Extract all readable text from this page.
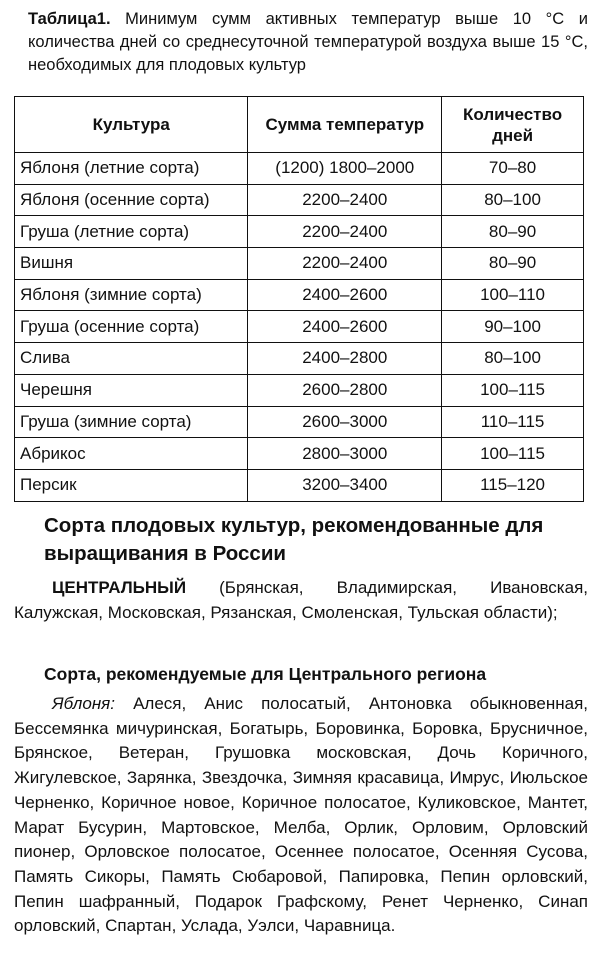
Таблица1. Минимум сумм активных температур выше 10 °С и количества дней со среднесуточной температурой воздуха выше 15 °С, необходимых для плодовых культур
Культура	Сумма температур	Количество дней
Яблоня (летние сорта)	(1200) 1800–2000	70–80
Яблоня (осенние сорта)	2200–2400	80–100
Груша (летние сорта)	2200–2400	80–90
Вишня	2200–2400	80–90
Яблоня (зимние сорта)	2400–2600	100–110
Груша (осенние сорта)	2400–2600	90–100
Слива	2400–2800	80–100
Черешня	2600–2800	100–115
Груша (зимние сорта)	2600–3000	110–115
Абрикос	2800–3000	100–115
Персик	3200–3400	115–120
Сорта плодовых культур, рекомендованные для выращивания в России
ЦЕНТРАЛЬНЫЙ (Брянская, Владимирская, Ивановская, Калужская, Московская, Рязанская, Смоленская, Тульская области);
Сорта, рекомендуемые для Центрального региона
Яблоня: Алеся, Анис полосатый, Антоновка обыкновенная, Бессемянка мичуринская, Богатырь, Боровинка, Боровка, Брусничное, Брянское, Ветеран, Грушовка московская, Дочь Коричного, Жигулевское, Зарянка, Звездочка, Зимняя красавица, Имрус, Июльское Черненко, Коричное новое, Коричное полосатое, Куликовское, Мантет, Марат Бусурин, Мартовское, Мелба, Орлик, Орловим, Орловский пионер, Орловское полосатое, Осеннее полосатое, Осенняя Сусова, Память Сикоры, Память Сюбаровой, Папировка, Пепин орловский, Пепин шафранный, Подарок Графскому, Ренет Черненко, Синап орловский, Спартан, Услада, Уэлси, Чаравница.
